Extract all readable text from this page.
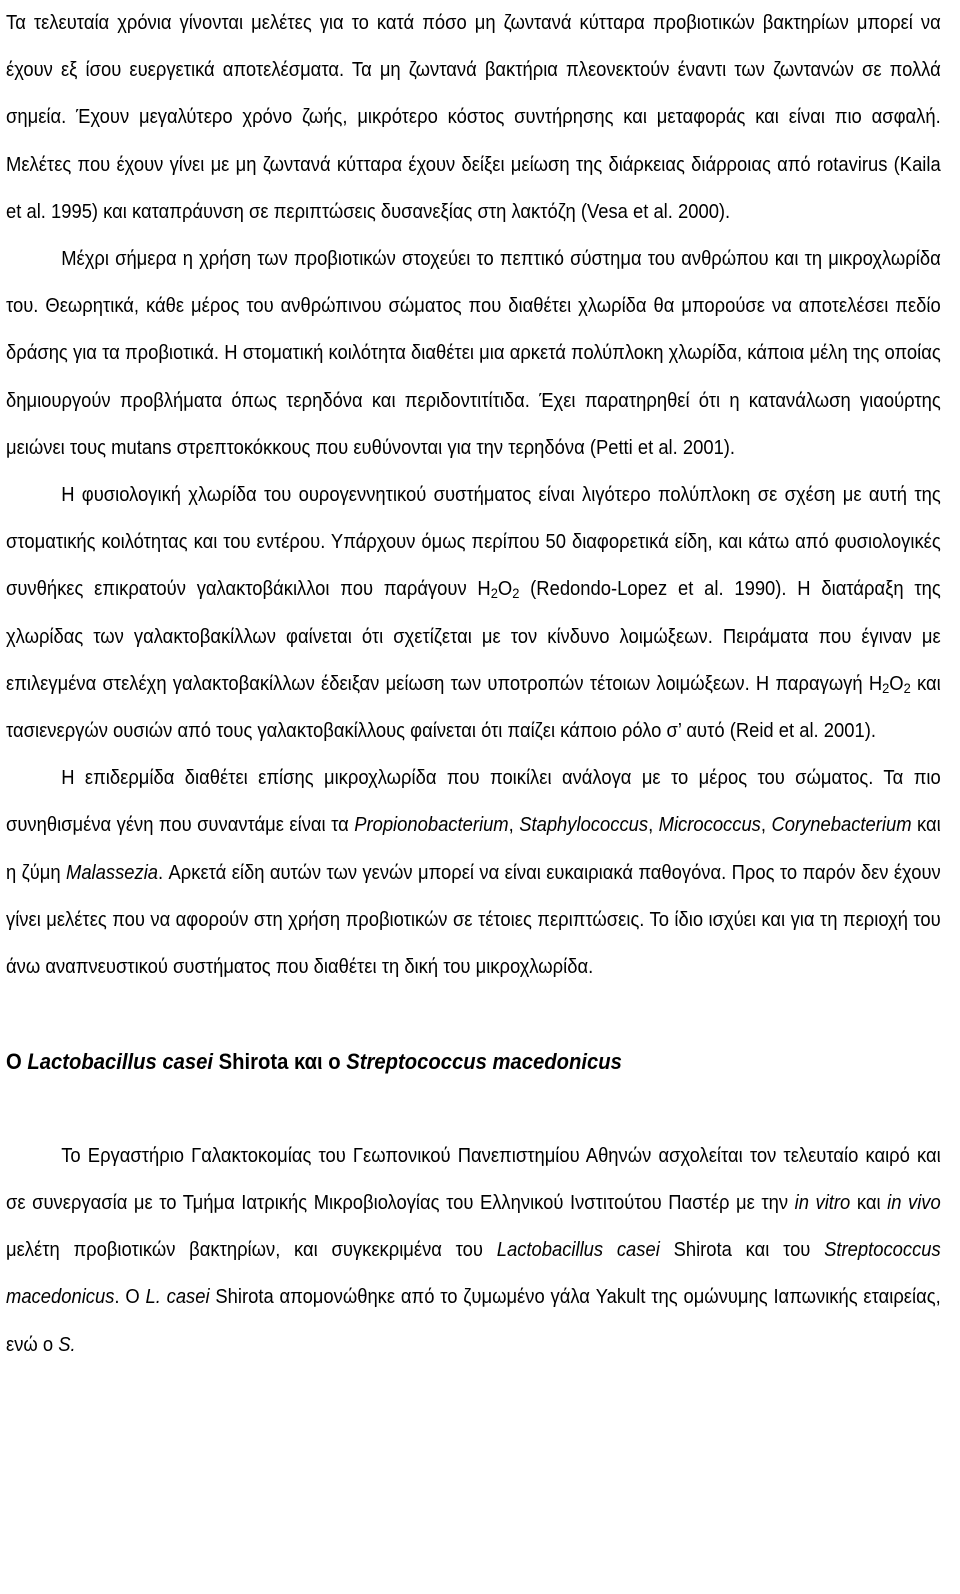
Τα τελευταία χρόνια γίνονται μελέτες για το κατά πόσο μη ζωντανά κύτταρα προβιοτικών βακτηρίων μπορεί να έχουν εξ ίσου ευεργετικά αποτελέσματα. Τα μη ζωντανά βακτήρια πλεονεκτούν έναντι των ζωντανών σε πολλά σημεία. Έχουν μεγαλύτερο χρόνο ζωής, μικρότερο κόστος συντήρησης και μεταφοράς και είναι πιο ασφαλή. Μελέτες που έχουν γίνει με μη ζωντανά κύτταρα έχουν δείξει μείωση της διάρκειας διάρροιας από rotavirus (Kaila et al. 1995) και καταπράυνση σε περιπτώσεις δυσανεξίας στη λακτόζη (Vesa et al. 2000).

Μέχρι σήμερα η χρήση των προβιοτικών στοχεύει το πεπτικό σύστημα του ανθρώπου και τη μικροχλωρίδα του. Θεωρητικά, κάθε μέρος του ανθρώπινου σώματος που διαθέτει χλωρίδα θα μπορούσε να αποτελέσει πεδίο δράσης για τα προβιοτικά. Η στοματική κοιλότητα διαθέτει μια αρκετά πολύπλοκη χλωρίδα, κάποια μέλη της οποίας δημιουργούν προβλήματα όπως τερηδόνα και περιδοντιτίτιδα. Έχει παρατηρηθεί ότι η κατανάλωση γιαούρτης μειώνει τους mutans στρεπτοκόκκους που ευθύνονται για την τερηδόνα (Petti et al. 2001).

Η φυσιολογική χλωρίδα του ουρογεννητικού συστήματος είναι λιγότερο πολύπλοκη σε σχέση με αυτή της στοματικής κοιλότητας και του εντέρου. Υπάρχουν όμως περίπου 50 διαφορετικά είδη, και κάτω από φυσιολογικές συνθήκες επικρατούν γαλακτοβάκιλλοι που παράγουν $H_2O_2$ (Redondo-Lopez et al. 1990). Η διατάραξη της χλωρίδας των γαλακτοβακίλλων φαίνεται ότι σχετίζεται με τον κίνδυνο λοιμώξεων. Πειράματα που έγιναν με επιλεγμένα στελέχη γαλακτοβακίλλων έδειξαν μείωση των υποτροπών τέτοιων λοιμώξεων. Η παραγωγή $H_2O_2$ και τασιενεργών ουσιών από τους γαλακτοβακίλλους φαίνεται ότι παίζει κάποιο ρόλο σ’ αυτό (Reid et al. 2001).

Η επιδερμίδα διαθέτει επίσης μικροχλωρίδα που ποικίλει ανάλογα με το μέρος του σώματος. Τα πιο συνηθισμένα γένη που συναντάμε είναι τα Propionobacterium, Staphylococcus, Micrococcus, Corynebacterium και η ζύμη Malassezia. Αρκετά είδη αυτών των γενών μπορεί να είναι ευκαιριακά παθογόνα. Προς το παρόν δεν έχουν γίνει μελέτες που να αφορούν στη χρήση προβιοτικών σε τέτοιες περιπτώσεις. Το ίδιο ισχύει και για τη περιοχή του άνω αναπνευστικού συστήματος που διαθέτει τη δική του μικροχλωρίδα.

O Lactobacillus casei Shirota και ο Streptococcus macedonicus

Το Εργαστήριο Γαλακτοκομίας του Γεωπονικού Πανεπιστημίου Αθηνών ασχολείται τον τελευταίο καιρό και σε συνεργασία με το Τμήμα Ιατρικής Μικροβιολογίας του Ελληνικού Ινστιτούτου Παστέρ με την in vitro και in vivo μελέτη προβιοτικών βακτηρίων, και συγκεκριμένα του Lactobacillus casei Shirota και του Streptococcus macedonicus. O L. casei Shirota απομονώθηκε από το ζυμωμένο γάλα Yakult της ομώνυμης Ιαπωνικής εταιρείας, ενώ ο S.
